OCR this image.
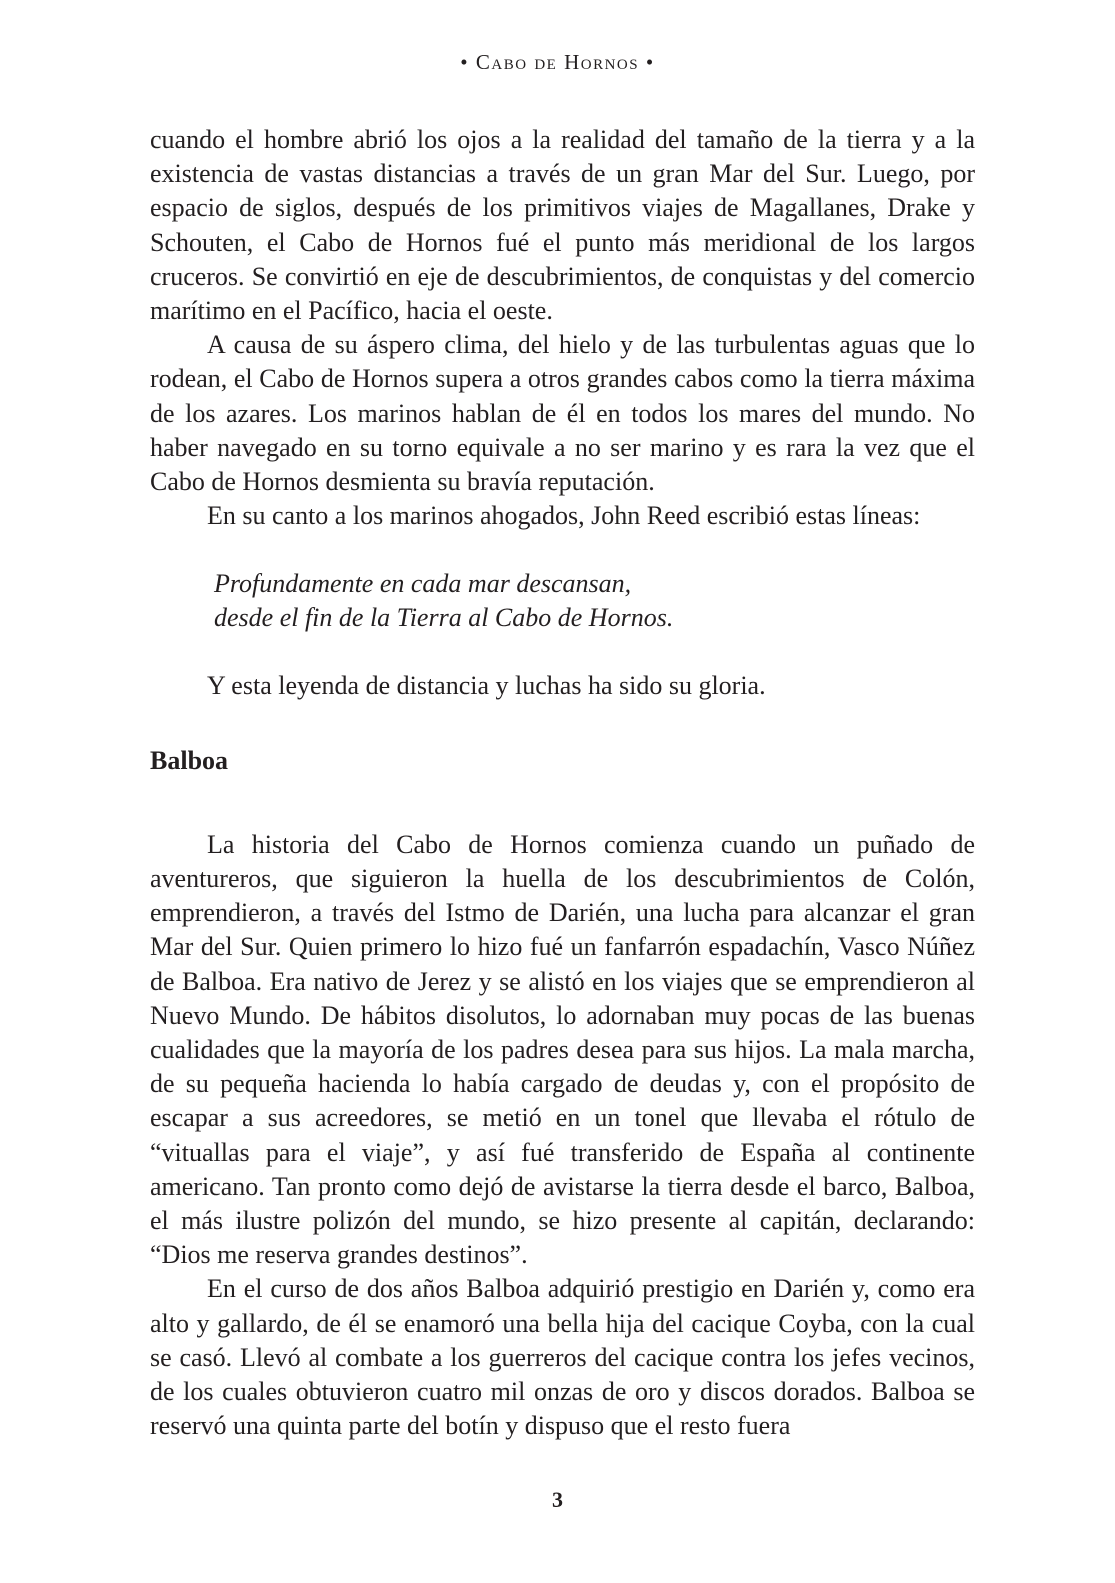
• Cabo de Hornos •

cuando el hombre abrió los ojos a la realidad del tamaño de la tierra y a la existencia de vastas distancias a través de un gran Mar del Sur. Luego, por espacio de siglos, después de los primitivos viajes de Magallanes, Drake y Schouten, el Cabo de Hornos fué el punto más meridional de los largos cruceros. Se convirtió en eje de descubrimientos, de conquistas y del comercio marítimo en el Pacífico, hacia el oeste.

A causa de su áspero clima, del hielo y de las turbulentas aguas que lo rodean, el Cabo de Hornos supera a otros grandes cabos como la tierra máxima de los azares. Los marinos hablan de él en todos los mares del mundo. No haber navegado en su torno equivale a no ser marino y es rara la vez que el Cabo de Hornos desmienta su bravía reputación.

En su canto a los marinos ahogados, John Reed escribió estas líneas:

Profundamente en cada mar descansan,
desde el fin de la Tierra al Cabo de Hornos.

Y esta leyenda de distancia y luchas ha sido su gloria.

Balboa

La historia del Cabo de Hornos comienza cuando un puñado de aventureros, que siguieron la huella de los descubrimientos de Colón, emprendieron, a través del Istmo de Darién, una lucha para alcanzar el gran Mar del Sur. Quien primero lo hizo fué un fanfarrón espadachín, Vasco Núñez de Balboa. Era nativo de Jerez y se alistó en los viajes que se emprendieron al Nuevo Mundo. De hábitos disolutos, lo adornaban muy pocas de las buenas cualidades que la mayoría de los padres desea para sus hijos. La mala marcha, de su pequeña hacienda lo había cargado de deudas y, con el propósito de escapar a sus acreedores, se metió en un tonel que llevaba el rótulo de “vituallas para el viaje”, y así fué transferido de España al continente americano. Tan pronto como dejó de avistarse la tierra desde el barco, Balboa, el más ilustre polizón del mundo, se hizo presente al capitán, declarando: “Dios me reserva grandes destinos”.

En el curso de dos años Balboa adquirió prestigio en Darién y, como era alto y gallardo, de él se enamoró una bella hija del cacique Coyba, con la cual se casó. Llevó al combate a los guerreros del cacique contra los jefes vecinos, de los cuales obtuvieron cuatro mil onzas de oro y discos dorados. Balboa se reservó una quinta parte del botín y dispuso que el resto fuera

3
